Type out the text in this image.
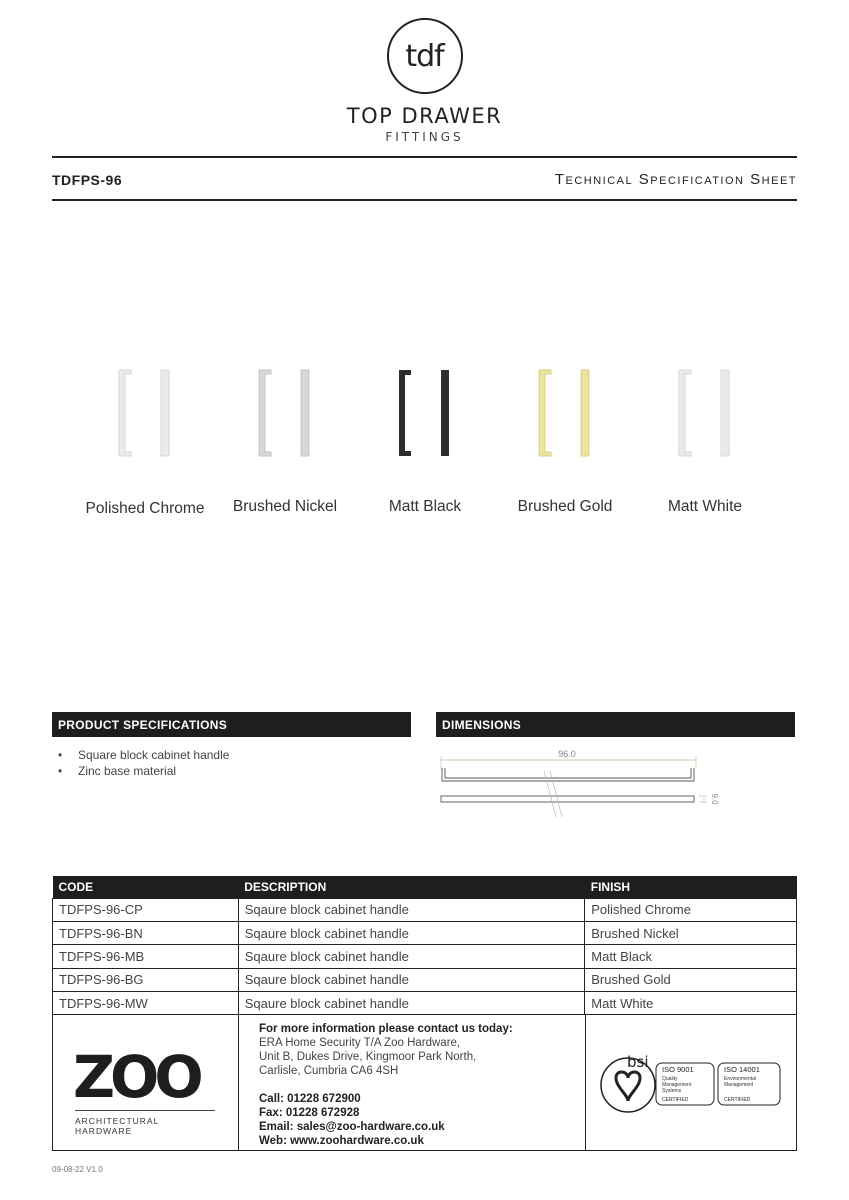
tdf
TOP DRAWER
FITTINGS
TDFPS-96	Technical Specification Sheet
Polished Chrome	Brushed Nickel	Matt Black	Brushed Gold	Matt White
PRODUCT SPECIFICATIONS	DIMENSIONS
• Square block cabinet handle
• Zinc base material
96.0
9.0
CODE	DESCRIPTION	FINISH
TDFPS-96-CP	Sqaure block cabinet handle	Polished Chrome
TDFPS-96-BN	Sqaure block cabinet handle	Brushed Nickel
TDFPS-96-MB	Sqaure block cabinet handle	Matt Black
TDFPS-96-BG	Sqaure block cabinet handle	Brushed Gold
TDFPS-96-MW	Sqaure block cabinet handle	Matt White
ZOO
ARCHITECTURAL HARDWARE
For more information please contact us today:
ERA Home Security T/A Zoo Hardware,
Unit B, Dukes Drive, Kingmoor Park North,
Carlisle, Cumbria CA6 4SH
Call: 01228 672900
Fax: 01228 672928
Email: sales@zoo-hardware.co.uk
Web: www.zoohardware.co.uk
bsi ISO 9001
Quality
Management
Systems
CERTIFIED
ISO 14001
Environmental
Management
CERTIFIED
09-08-22 V1.0
